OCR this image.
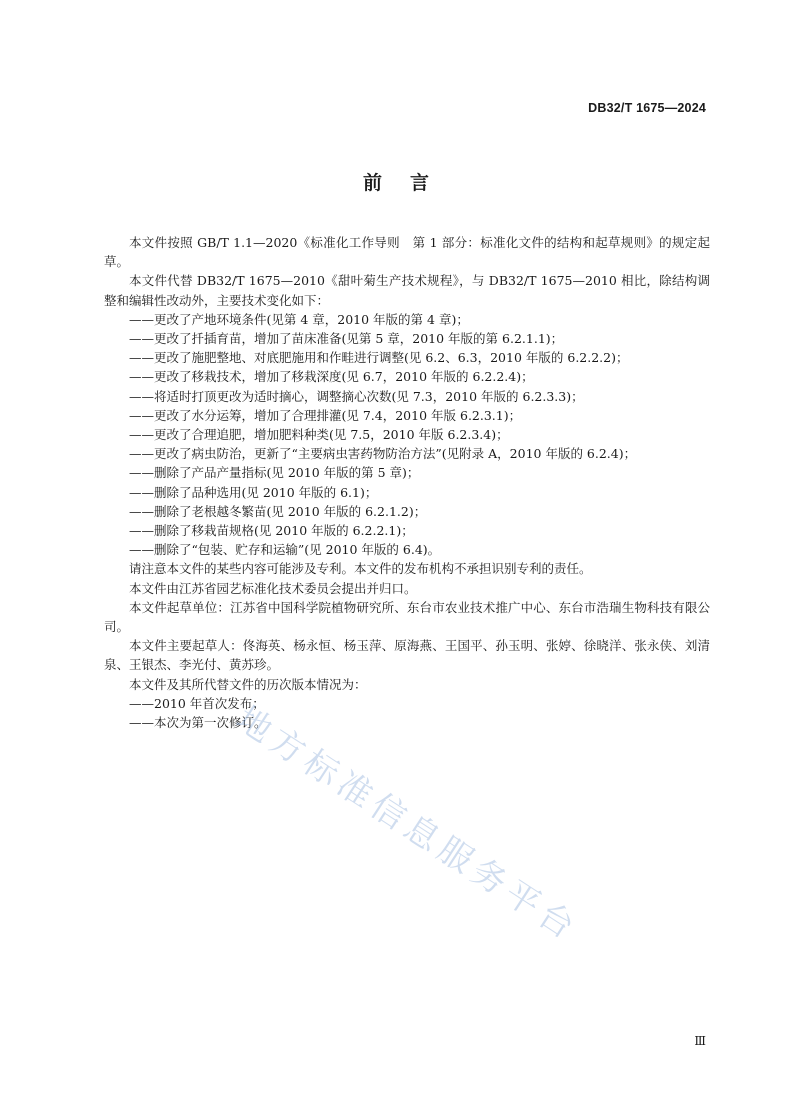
DB32/T 1675—2024
前言

本文件按照 GB/T 1.1—2020《标准化工作导则　第 1 部分：标准化文件的结构和起草规则》的规定起草。

本文件代替 DB32/T 1675—2010《甜叶菊生产技术规程》，与 DB32/T 1675—2010 相比，除结构调整和编辑性改动外，主要技术变化如下：

——更改了产地环境条件(见第 4 章，2010 年版的第 4 章)；

——更改了扦插育苗，增加了苗床准备(见第 5 章，2010 年版的第 6.2.1.1)；

——更改了施肥整地、对底肥施用和作畦进行调整(见 6.2、6.3，2010 年版的 6.2.2.2)；

——更改了移栽技术，增加了移栽深度(见 6.7，2010 年版的 6.2.2.4)；

——将适时打顶更改为适时摘心，调整摘心次数(见 7.3，2010 年版的 6.2.3.3)；

——更改了水分运筹，增加了合理排灌(见 7.4，2010 年版 6.2.3.1)；

——更改了合理追肥，增加肥料种类(见 7.5，2010 年版 6.2.3.4)；

——更改了病虫防治，更新了“主要病虫害药物防治方法”(见附录 A，2010 年版的 6.2.4)；

——删除了产品产量指标(见 2010 年版的第 5 章)；

——删除了品种选用(见 2010 年版的 6.1)；

——删除了老根越冬繁苗(见 2010 年版的 6.2.1.2)；

——删除了移栽苗规格(见 2010 年版的 6.2.2.1)；

——删除了“包装、贮存和运输”(见 2010 年版的 6.4)。

请注意本文件的某些内容可能涉及专利。本文件的发布机构不承担识别专利的责任。

本文件由江苏省园艺标准化技术委员会提出并归口。

本文件起草单位：江苏省中国科学院植物研究所、东台市农业技术推广中心、东台市浩瑞生物科技有限公司。

本文件主要起草人：佟海英、杨永恒、杨玉萍、原海燕、王国平、孙玉明、张婷、徐晓洋、张永侠、刘清泉、王银杰、李光付、黄苏珍。

本文件及其所代替文件的历次版本情况为：

——2010 年首次发布；

——本次为第一次修订。

地方标准信息服务平台
Ⅲ
